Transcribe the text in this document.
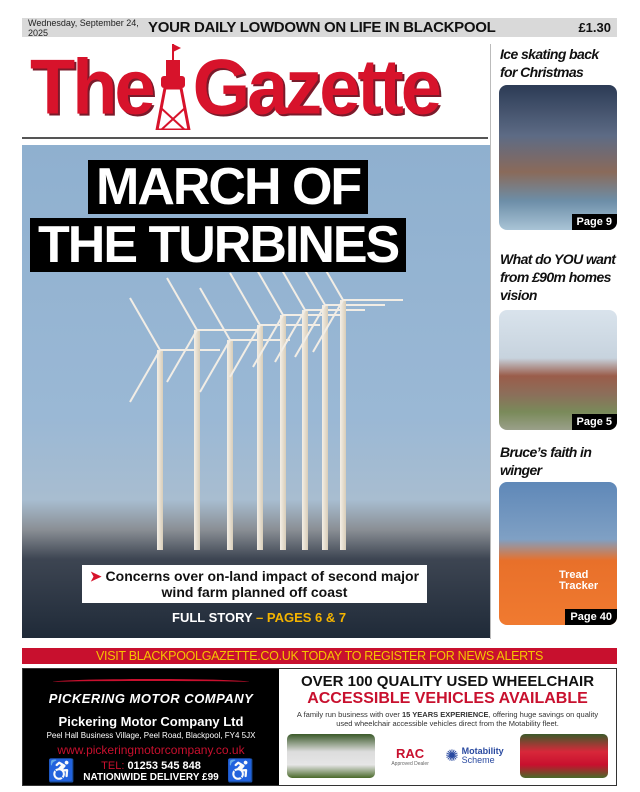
Wednesday, September 24, 2025	YOUR DAILY LOWDOWN ON LIFE IN BLACKPOOL	£1.30
The Gazette
MARCH OF
THE TURBINES
➤ Concerns over on-land impact of second major wind farm planned off coast
FULL STORY – PAGES 6 & 7
Ice skating back for Christmas
Page 9
What do YOU want from £90m homes vision
Page 5
Bruce’s faith in winger
Tread Tracker
Page 40
VISIT BLACKPOOLGAZETTE.CO.UK TODAY TO REGISTER FOR NEWS ALERTS
PICKERING MOTOR COMPANY
Pickering Motor Company Ltd
Peel Hall Business Village, Peel Road, Blackpool, FY4 5JX
www.pickeringmotorcompany.co.uk
♿	TEL: 01253 545 848
NATIONWIDE DELIVERY £99 ♿
OVER 100 QUALITY USED WHEELCHAIR
ACCESSIBLE VEHICLES AVAILABLE
A family run business with over 15 YEARS EXPERIENCE, offering huge savings on quality used wheelchair accessible vehicles direct from the Motability fleet.
RAC
Approved Dealer ✺ Motability
Scheme
